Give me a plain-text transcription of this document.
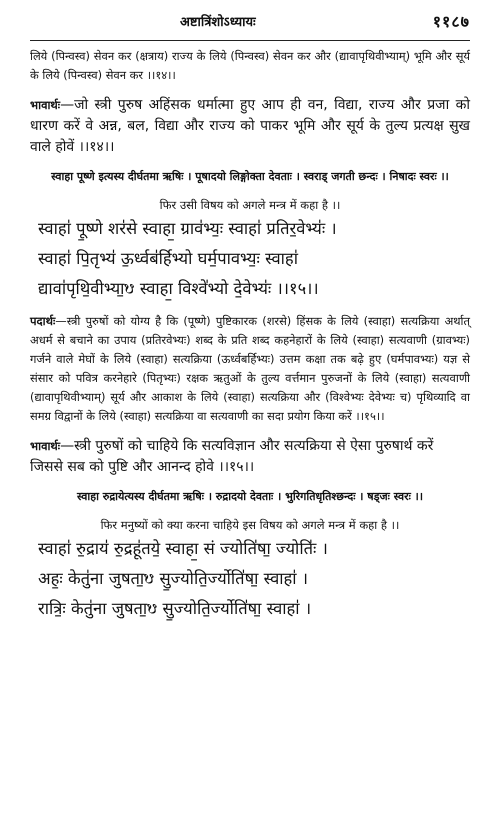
अष्टात्रिंशोऽध्यायः	११८७

लिये (पिन्वस्व) सेवन कर (क्षत्राय) राज्य के लिये (पिन्वस्व) सेवन कर और (द्यावापृथिवीभ्याम्) भूमि और सूर्य के लिये (पिन्वस्व) सेवन कर ।।१४।।

भावार्थः—जो स्त्री पुरुष अहिंसक धर्मात्मा हुए आप ही वन, विद्या, राज्य और प्रजा को धारण करें वे अन्न, बल, विद्या और राज्य को पाकर भूमि और सूर्य के तुल्य प्रत्यक्ष सुख वाले होवें ।।१४।।

स्वाहा पूष्णे इत्यस्य दीर्घतमा ऋषिः । पूषादयो लिङ्गोक्ता देवताः । स्वराड् जगती छन्दः । निषादः स्वरः ।।

फिर उसी विषय को अगले मन्त्र में कहा है ।।

स्वाहा॑ पू॒ष्णे शर॑से स्वाहा॒ ग्राव॑भ्यः॒ स्वाहा॑ प्रतिर॒वेभ्यः॑ ।

स्वाहा॑ पि॒तृभ्य॑ ऊ॒र्ध्वब॑र्हिभ्यो घर्म॒पावभ्यः॒ स्वाहा॑

द्यावा॑पृथि॒वीभ्या॒ᳪ स्वाहा॒ विश्वे॑भ्यो दे॒वेभ्यः॑ ।।१५।।

पदार्थः—स्त्री पुरुषों को योग्य है कि (पूष्णे) पुष्टिकारक (शरसे) हिंसक के लिये (स्वाहा) सत्यक्रिया अर्थात् अधर्म से बचाने का उपाय (प्रतिरवेभ्यः) शब्द के प्रति शब्द कहनेहारों के लिये (स्वाहा) सत्यवाणी (ग्रावभ्यः) गर्जने वाले मेघों के लिये (स्वाहा) सत्यक्रिया (ऊर्ध्वबर्हिभ्यः) उत्तम कक्षा तक बढ़े हुए (घर्मपावभ्यः) यज्ञ से संसार को पवित्र करनेहारे (पितृभ्यः) रक्षक ऋतुओं के तुल्य वर्त्तमान पुरुजनों के लिये (स्वाहा) सत्यवाणी (द्यावापृथिवीभ्याम्) सूर्य और आकाश के लिये (स्वाहा) सत्यक्रिया और (विश्वेभ्यः देवेभ्यः च) पृथिव्यादि वा समग्र विद्वानों के लिये (स्वाहा) सत्यक्रिया वा सत्यवाणी का सदा प्रयोग किया करें ।।१५।।

भावार्थः—स्त्री पुरुषों को चाहिये कि सत्यविज्ञान और सत्यक्रिया से ऐसा पुरुषार्थ करें जिससे सब को पुष्टि और आनन्द होवे ।।१५।।

स्वाहा रुद्रायेत्यस्य दीर्घतमा ऋषिः । रुद्रादयो देवताः । भुरिगतिधृतिश्छन्दः । षड्जः स्वरः ।।

फिर मनुष्यों को क्या करना चाहिये इस विषय को अगले मन्त्र में कहा है ।।

स्वाहा॑ रु॒द्राय॑ रु॒द्रहू॑तये॒ स्वाहा॒ सं ज्योति॑षा॒ ज्योतिः॑ ।

अहः॒ केतु॑ना जुषता॒ᳪ सु॒ज्योति॒र्ज्योति॑षा॒ स्वाहा॑ ।

रात्रिः॒ केतु॑ना जुषता॒ᳪ सु॒ज्योति॒र्ज्योति॑षा॒ स्वाहा॑ ।
